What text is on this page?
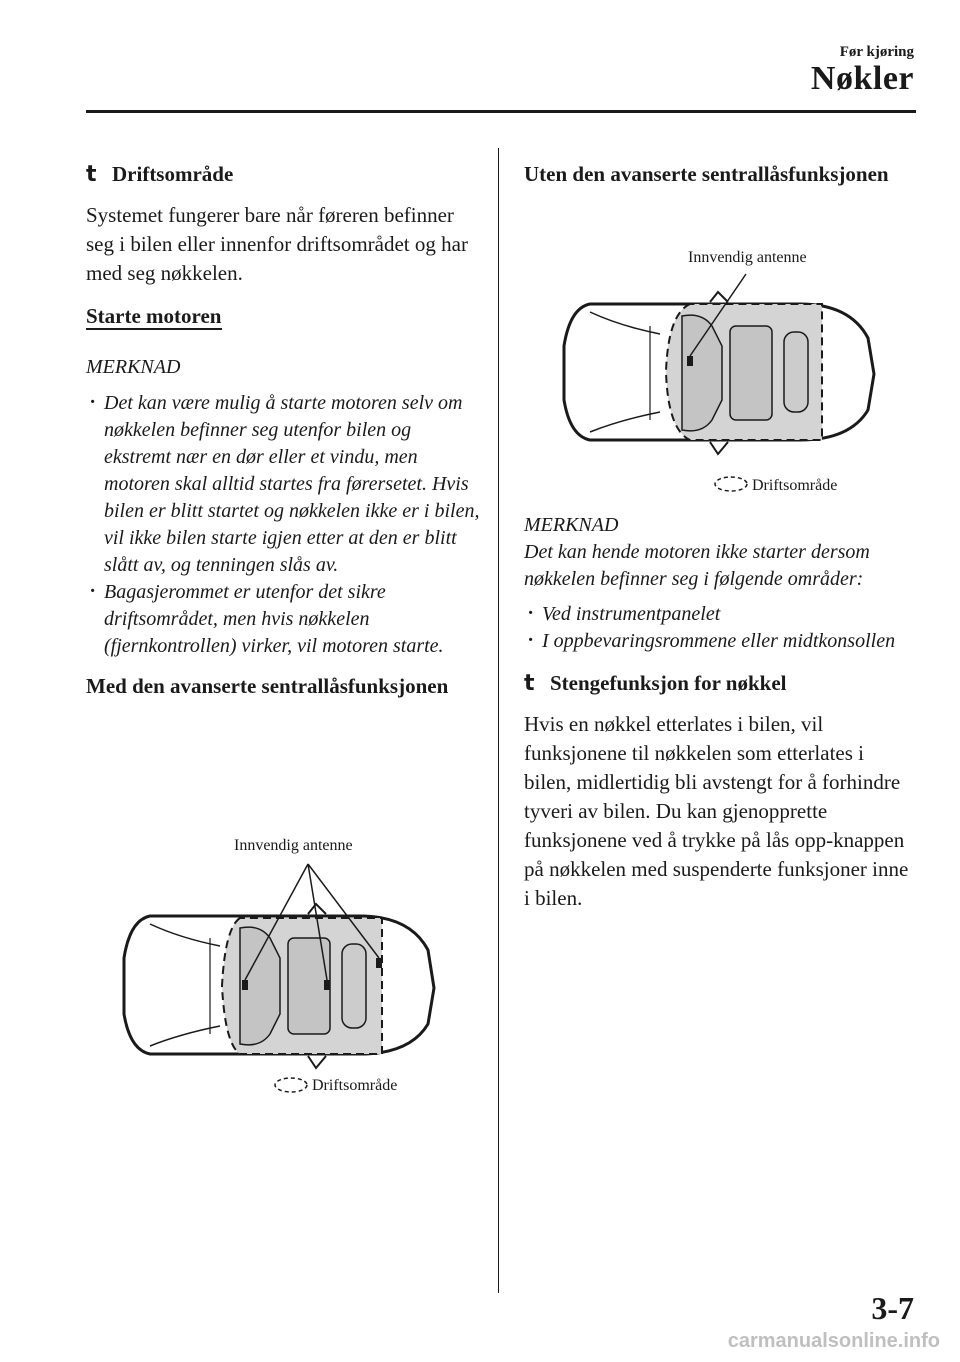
Før kjøring
Nøkler
t Driftsområde

Systemet fungerer bare når føreren befinner seg i bilen eller innenfor driftsområdet og har med seg nøkkelen.

Starte motoren
MERKNAD
· Det kan være mulig å starte motoren selv om nøkkelen befinner seg utenfor bilen og ekstremt nær en dør eller et vindu, men motoren skal alltid startes fra førersetet. Hvis bilen er blitt startet og nøkkelen ikke er i bilen, vil ikke bilen starte igjen etter at den er blitt slått av, og tenningen slås av.
· Bagasjerommet er utenfor det sikre driftsområdet, men hvis nøkkelen (fjernkontrollen) virker, vil motoren starte.
Med den avanserte sentrallåsfunksjonen
Innvendig antenne
Driftsområde
Uten den avanserte sentrallåsfunksjonen
Innvendig antenne
Driftsområde
MERKNAD

Det kan hende motoren ikke starter dersom nøkkelen befinner seg i følgende områder:

· Ved instrumentpanelet
· I oppbevaringsrommene eller midtkonsollen
t Stengefunksjon for nøkkel

Hvis en nøkkel etterlates i bilen, vil funksjonene til nøkkelen som etterlates i bilen, midlertidig bli avstengt for å forhindre tyveri av bilen. Du kan gjenopprette funksjonene ved å trykke på lås opp-knappen på nøkkelen med suspenderte funksjoner inne i bilen.

3-7
carmanualsonline.info
